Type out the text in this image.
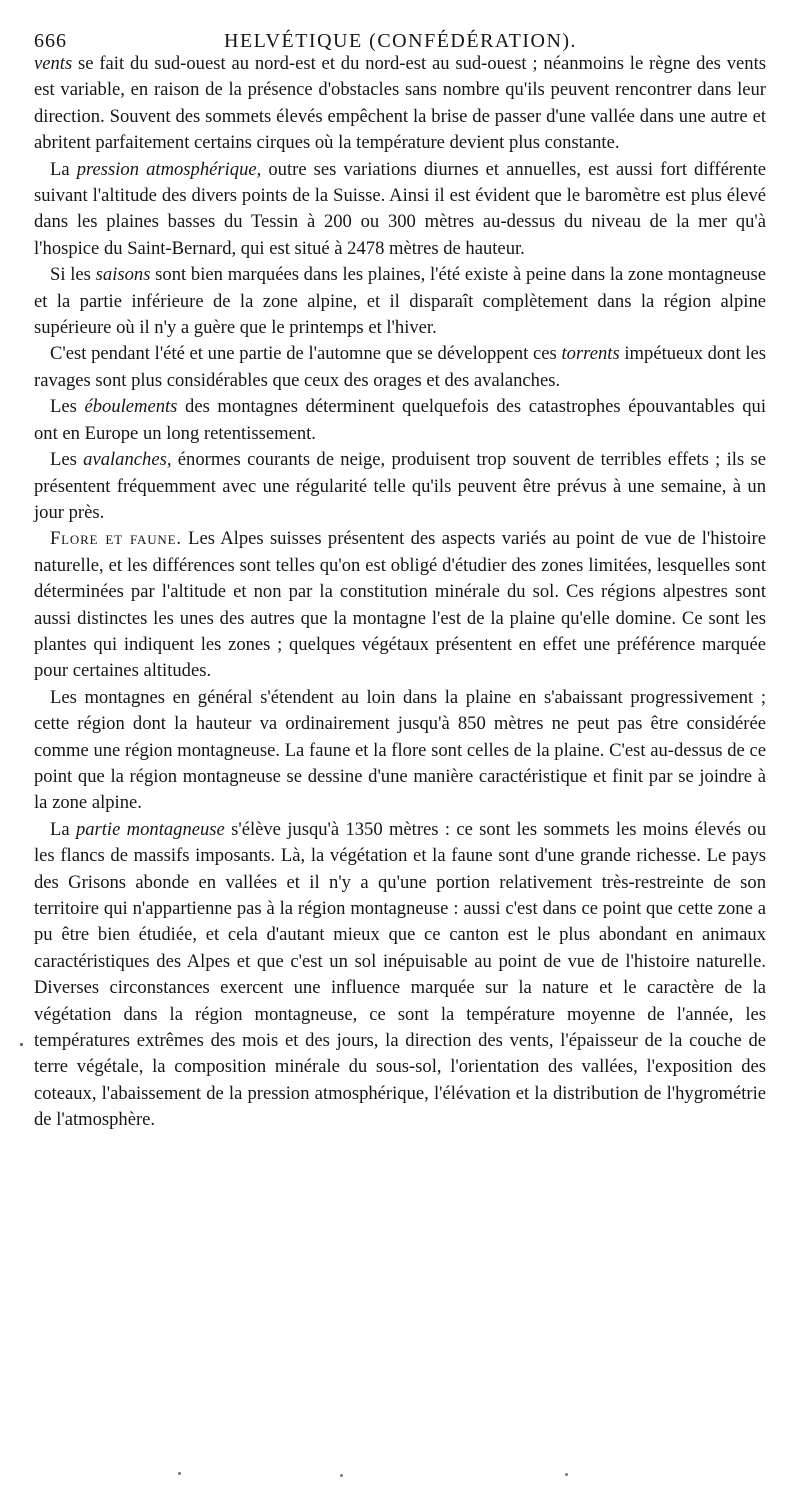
666	HELVÉTIQUE (CONFÉDÉRATION).

vents se fait du sud-ouest au nord-est et du nord-est au sud-ouest ; néanmoins le règne des vents est variable, en raison de la présence d'obstacles sans nombre qu'ils peuvent rencontrer dans leur direction. Souvent des sommets élevés empêchent la brise de passer d'une vallée dans une autre et abritent parfaitement certains cirques où la température devient plus constante.

La pression atmosphérique, outre ses variations diurnes et annuelles, est aussi fort différente suivant l'altitude des divers points de la Suisse. Ainsi il est évident que le baromètre est plus élevé dans les plaines basses du Tessin à 200 ou 300 mètres au-dessus du niveau de la mer qu'à l'hospice du Saint-Bernard, qui est situé à 2478 mètres de hauteur.

Si les saisons sont bien marquées dans les plaines, l'été existe à peine dans la zone montagneuse et la partie inférieure de la zone alpine, et il disparaît complètement dans la région alpine supérieure où il n'y a guère que le printemps et l'hiver.

C'est pendant l'été et une partie de l'automne que se développent ces torrents impétueux dont les ravages sont plus considérables que ceux des orages et des avalanches.

Les éboulements des montagnes déterminent quelquefois des catastrophes épouvantables qui ont en Europe un long retentissement.

Les avalanches, énormes courants de neige, produisent trop souvent de terribles effets ; ils se présentent fréquemment avec une régularité telle qu'ils peuvent être prévus à une semaine, à un jour près.

Flore et faune. Les Alpes suisses présentent des aspects variés au point de vue de l'histoire naturelle, et les différences sont telles qu'on est obligé d'étudier des zones limitées, lesquelles sont déterminées par l'altitude et non par la constitution minérale du sol. Ces régions alpestres sont aussi distinctes les unes des autres que la montagne l'est de la plaine qu'elle domine. Ce sont les plantes qui indiquent les zones ; quelques végétaux présentent en effet une préférence marquée pour certaines altitudes.

Les montagnes en général s'étendent au loin dans la plaine en s'abaissant progressivement ; cette région dont la hauteur va ordinairement jusqu'à 850 mètres ne peut pas être considérée comme une région montagneuse. La faune et la flore sont celles de la plaine. C'est au-dessus de ce point que la région montagneuse se dessine d'une manière caractéristique et finit par se joindre à la zone alpine.

La partie montagneuse s'élève jusqu'à 1350 mètres : ce sont les sommets les moins élevés ou les flancs de massifs imposants. Là, la végétation et la faune sont d'une grande richesse. Le pays des Grisons abonde en vallées et il n'y a qu'une portion relativement très-restreinte de son territoire qui n'appartienne pas à la région montagneuse : aussi c'est dans ce point que cette zone a pu être bien étudiée, et cela d'autant mieux que ce canton est le plus abondant en animaux caractéristiques des Alpes et que c'est un sol inépuisable au point de vue de l'histoire naturelle. Diverses circonstances exercent une influence marquée sur la nature et le caractère de la végétation dans la région montagneuse, ce sont la température moyenne de l'année, les températures extrêmes des mois et des jours, la direction des vents, l'épaisseur de la couche de terre végétale, la composition minérale du sous-sol, l'orientation des vallées, l'exposition des coteaux, l'abaissement de la pression atmosphérique, l'élévation et la distribution de l'hygrométrie de l'atmosphère.
